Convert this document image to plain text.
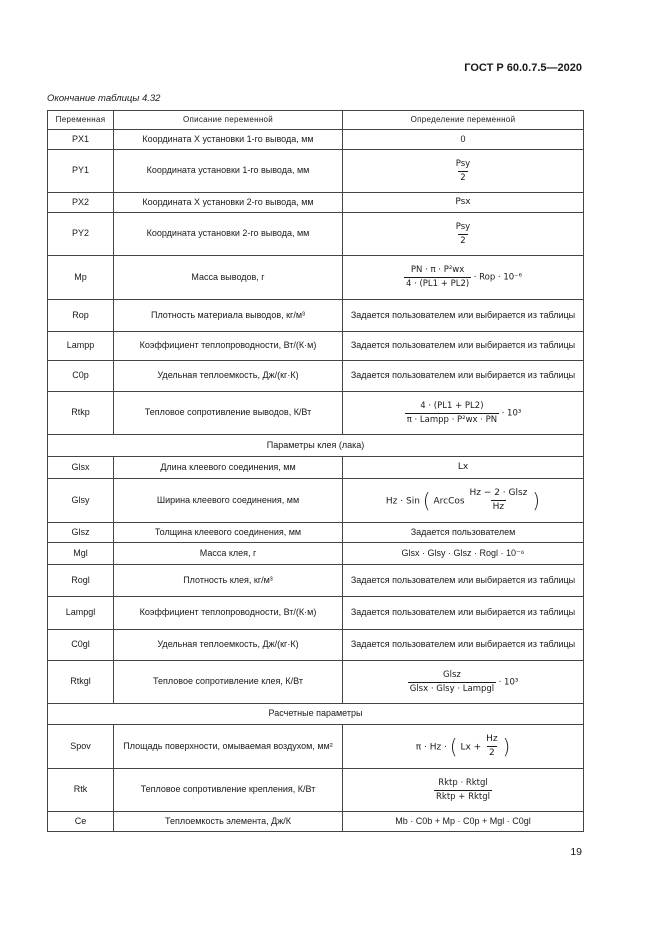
ГОСТ Р 60.0.7.5—2020
Окончание таблицы 4.32
Переменная	Описание переменной	Определение переменной
PX1	Координата X установки 1-го вывода, мм	0
PY1	Координата установки 1-го вывода, мм	$\frac{\text{Psy}}{2}$

PX2	Координата X установки 2-го вывода, мм	Psx
PY2	Координата установки 2-го вывода, мм	$\frac{\text{Psy}}{2}$

Mp	Масса выводов, г	$\frac{\text{PN · π · P²wx}}{4 \cdot (PL1 + PL2)}$ · Rop · 10⁻⁶
Rop	Плотность материала выводов, кг/м³	Задается пользователем или выбирается из таблицы
Lampp	Коэффициент теплопроводности, Вт/(К·м)	Задается пользователем или выбирается из таблицы
C0p	Удельная теплоемкость, Дж/(кг·К)	Задается пользователем или выбирается из таблицы
Rtkp	Тепловое сопротивление выводов, К/Вт	$\frac{4 \cdot (PL1 + PL2)}{\text{π · Lampp · P²wx · PN}} \cdot 10^3$
Параметры клея (лака)		
Glsx	Длина клеевого соединения, мм	Lx
Glsy	Ширина клеевого соединения, мм	Hz · Sin ( ArcCos $\frac{\text{Hz − 2 · Glsz}}{Hz}$ )
Glsz	Толщина клеевого соединения, мм	Задается пользователем
Mgl	Масса клея, г	Glsx · Glsy · Glsz · Rogl · 10⁻⁶
Rogl	Плотность клея, кг/м³	Задается пользователем или выбирается из таблицы
Lampgl	Коэффициент теплопроводности, Вт/(К·м)	Задается пользователем или выбирается из таблицы
C0gl	Удельная теплоемкость, Дж/(кг·К)	Задается пользователем или выбирается из таблицы
Rtkgl	Тепловое сопротивление клея, К/Вт	$\frac{\text{Glsz}}{\text{Glsx · Glsy · Lampgl}} \cdot 10^3$
Расчетные параметры		
Spov	Площадь поверхности, омываемая воздухом, мм²	π · Hz · ( $Lx + \frac{Hz}{2}$ )
Rtk	Тепловое сопротивление крепления, К/Вт	$\frac{\text{Rktp · Rktgl}}{\text{Rktp + Rktgl}}$

Ce	Теплоемкость элемента, Дж/К	Mb · C0b + Mp · C0p + Mgl · C0gl
19
